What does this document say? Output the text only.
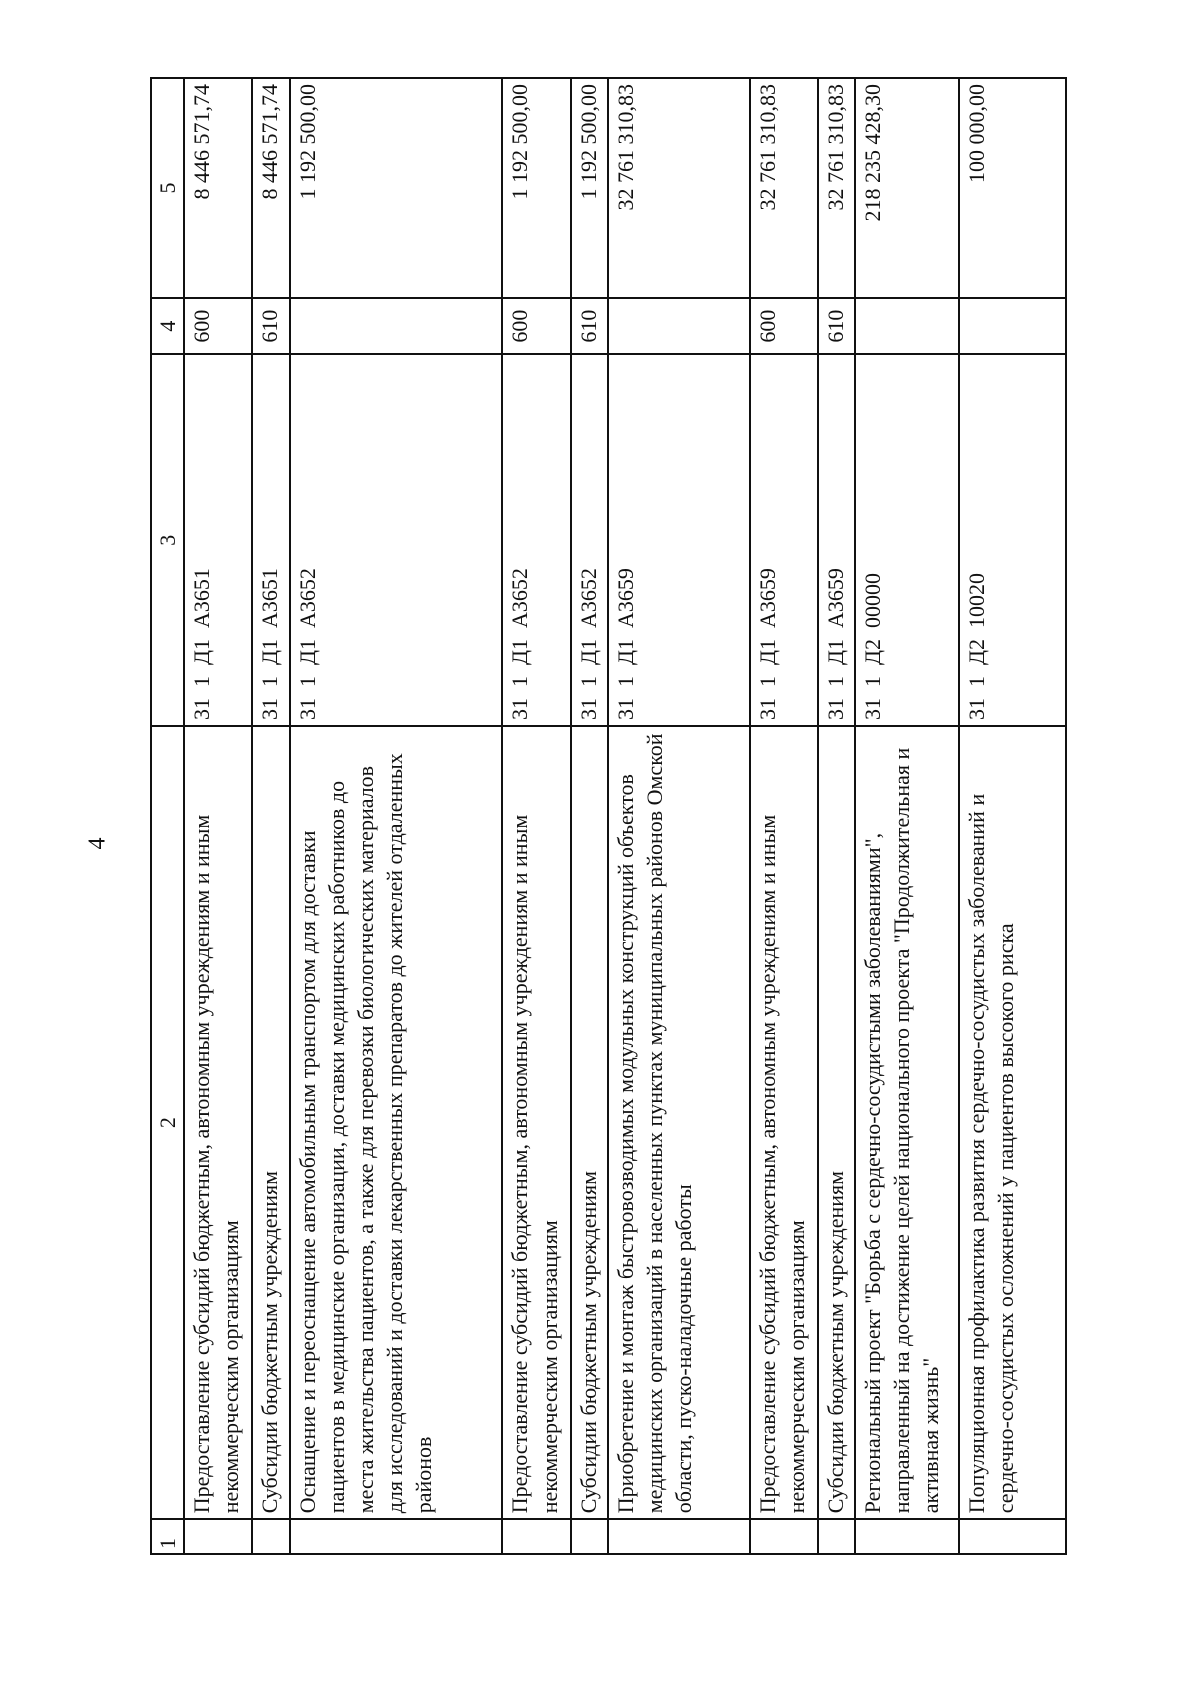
4
1	2	3	4	5
	Предоставление субсидий бюджетным, автономным учреждениям и иным некоммерческим организациям	31  1  Д1  А3651	600	8 446 571,74
	Субсидии бюджетным учреждениям	31  1  Д1  А3651	610	8 446 571,74
	Оснащение и переоснащение автомобильным транспортом для доставки пациентов в медицинские организации, доставки медицинских работников до места жительства пациентов, а также для перевозки биологических материалов для исследований и доставки лекарственных препаратов до жителей отдаленных районов	31  1  Д1  А3652		1 192 500,00
	Предоставление субсидий бюджетным, автономным учреждениям и иным некоммерческим организациям	31  1  Д1  А3652	600	1 192 500,00
	Субсидии бюджетным учреждениям	31  1  Д1  А3652	610	1 192 500,00
	Приобретение и монтаж быстровозводимых модульных конструкций объектов медицинских организаций в населенных пунктах муниципальных районов Омской области, пуско-наладочные работы	31  1  Д1  А3659		32 761 310,83
	Предоставление субсидий бюджетным, автономным учреждениям и иным некоммерческим организациям	31  1  Д1  А3659	600	32 761 310,83
	Субсидии бюджетным учреждениям	31  1  Д1  А3659	610	32 761 310,83
	Региональный проект "Борьба с сердечно-сосудистыми заболеваниями", направленный на достижение целей национального проекта "Продолжительная и активная жизнь"	31  1  Д2  00000		218 235 428,30
	Популяционная профилактика развития сердечно-сосудистых заболеваний и сердечно-сосудистых осложнений у пациентов высокого риска	31  1  Д2  10020		100 000,00
